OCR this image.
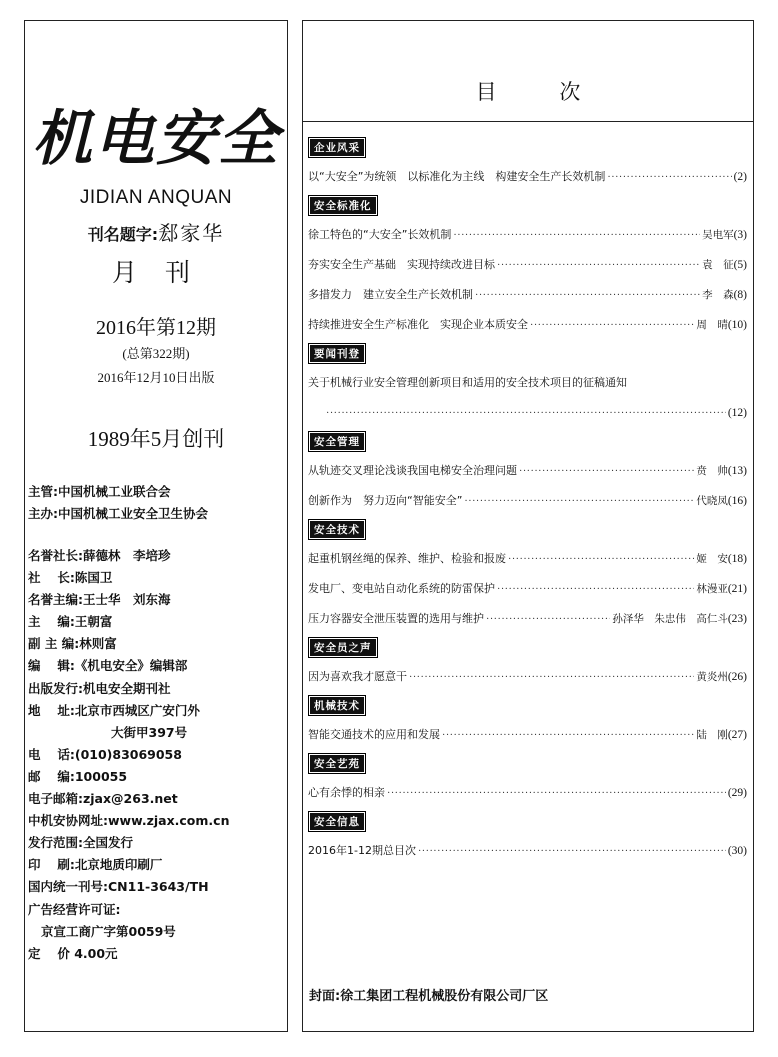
机电安全
JIDIAN ANQUAN
刊名题字:郄家华
月 刊
2016年第12期
(总第322期)
2016年12月10日出版
1989年5月创刊
主管:中国机械工业联合会
主办:中国机械工业安全卫生协会
名誉社长:薛德林　李培珍
社　 长:陈国卫
名誉主编:王士华　刘东海
主　 编:王朝富
副 主 编:林则富
编　 辑:《机电安全》编辑部
出版发行:机电安全期刊社
地　 址:北京市西城区广安门外
大街甲397号
电　 话:(010)83069058
邮　 编:100055
电子邮箱:zjax@263.net
中机安协网址:www.zjax.com.cn
发行范围:全国发行
印　 刷:北京地质印刷厂
国内统一刊号:CN11-3643/TH
广告经营许可证:
京宣工商广字第0059号
定　 价 4.00元
目 次
企业风采
以“大安全”为统领　以标准化为主线　构建安全生产长效机制 ·····	(2)
安全标准化
徐工特色的“大安全”长效机制 ·····	吴电军 (3)
夯实安全生产基础　实现持续改进目标 ·····	袁　征 (5)
多措发力　建立安全生产长效机制 ·····	李　森 (8)
持续推进安全生产标准化　实现企业本质安全 ·····	周　晴 (10)
要闻刊登
关于机械行业安全管理创新项目和适用的安全技术项目的征稿通知
·····
(12)
安全管理
从轨迹交叉理论浅谈我国电梯安全治理问题 ·····	贲　帅 (13)
创新作为　努力迈向“智能安全” ·····	代晓凤 (16)
安全技术
起重机钢丝绳的保养、维护、检验和报废 ·····	姬　安 (18)
发电厂、变电站自动化系统的防雷保护 ·····	林漫亚 (21)
压力容器安全泄压装置的选用与维护 ·····	孙泽华　朱忠伟　高仁斗 (23)
安全员之声
因为喜欢我才愿意干 ·····	黄炎州 (26)
机械技术
智能交通技术的应用和发展 ·····	陆　刚 (27)
安全艺苑
心有余悸的相亲 ·····	(29)
安全信息
2016年1-12期总目次 ·····	(30)
封面:徐工集团工程机械股份有限公司厂区
